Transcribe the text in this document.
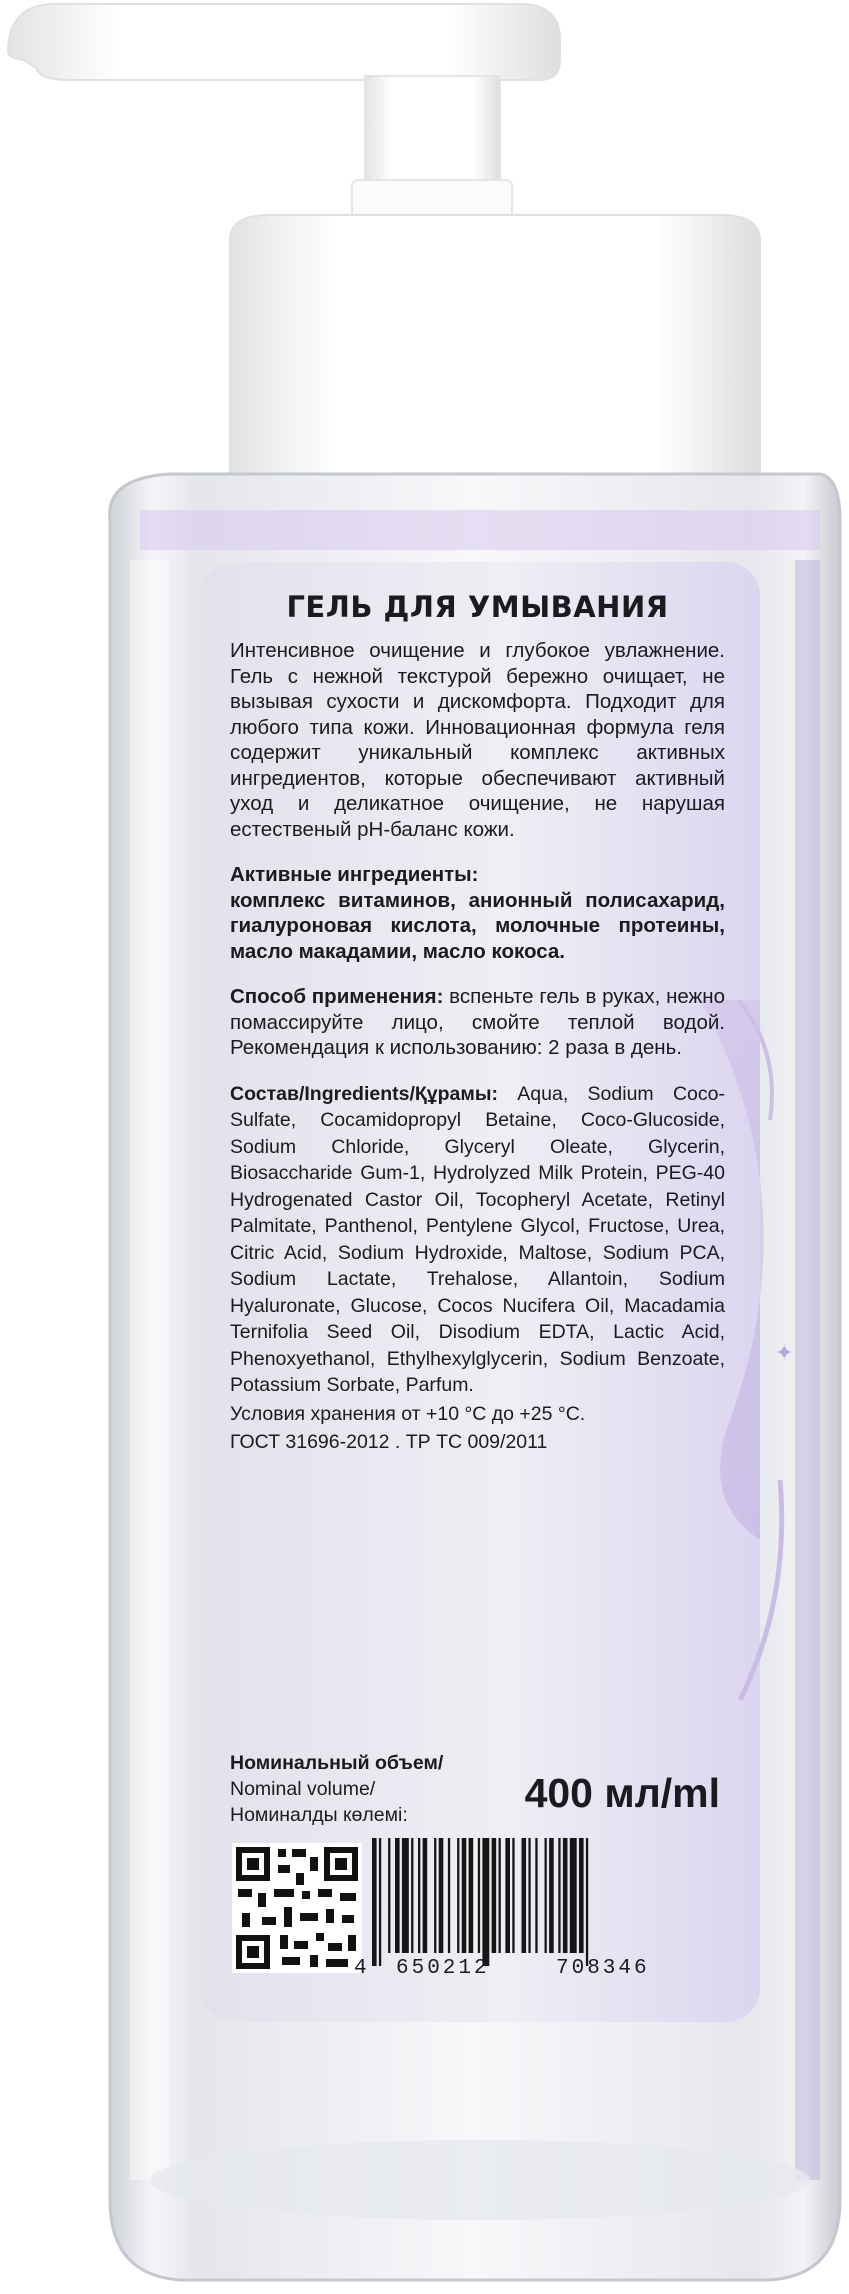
✦
ГЕЛЬ ДЛЯ УМЫВАНИЯ

Интенсивное очищение и глубокое увлажнение. Гель с нежной текстурой бережно очищает, не вызывая сухости и дискомфорта. Подходит для любого типа кожи. Инновационная формула геля содержит уникальный комплекс активных ингредиентов, которые обеспечивают активный уход и деликатное очищение, не нарушая естественый pH-баланс кожи.

Активные ингредиенты:
комплекс витаминов, анионный полисахарид, гиалуроновая кислота, молочные протеины, масло макадамии, масло кокоса.

Способ применения: вспеньте гель в руках, нежно помассируйте лицо, смойте теплой водой. Рекомендация к использованию: 2 раза в день.

Состав/Ingredients/Құрамы: Aqua, Sodium Coco-Sulfate, Cocamidopropyl Betaine, Coco-Glucoside, Sodium Chloride, Glyceryl Oleate, Glycerin, Biosaccharide Gum-1, Hydrolyzed Milk Protein, PEG-40 Hydrogenated Castor Oil, Tocopheryl Acetate, Retinyl Palmitate, Panthenol, Pentylene Glycol, Fructose, Urea, Citric Acid, Sodium Hydroxide, Maltose, Sodium PCA, Sodium Lactate, Trehalose, Allantoin, Sodium Hyaluronate, Glucose, Cocos Nucifera Oil, Macadamia Ternifolia Seed Oil, Disodium EDTA, Lactic Acid, Phenoxyethanol, Ethylhexylglycerin, Sodium Benzoate, Potassium Sorbate, Parfum.

Условия хранения от +10 °С до +25 °С.
ГОСТ 31696-2012 . ТР ТС 009/2011
Номинальный объем/
Nominal volume/
Номиналды көлемі:	400 мл/ml
4 650212	708346
